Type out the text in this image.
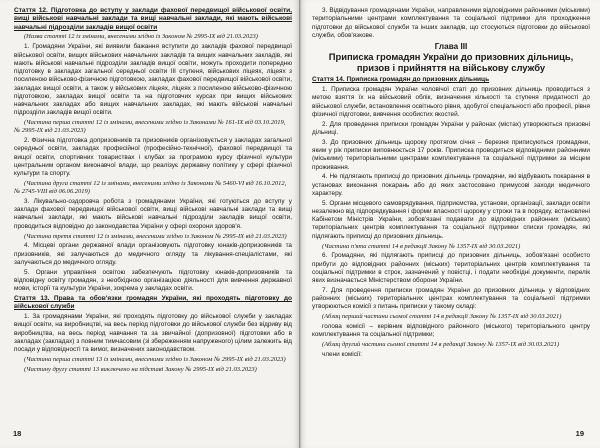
Стаття 12. Підготовка до вступу у заклади фахової передвищої військової освіти, вищі військові навчальні заклади та вищі навчальні заклади, які мають військові навчальні підрозділи закладів вищої освіти
(Назва статті 12 із змінами, внесеними згідно із Законом № 2995-IX від 21.03.2023)
1. Громадяни України, які виявили бажання вступити до закладів фахової передвищої військової освіти, вищих військових навчальних закладів та вищих навчальних закладів, які мають військові навчальні підрозділи закладів вищої освіти, можуть проходити попередню підготовку в закладах загальної середньої освіти III ступеня, військових ліцеях, ліцеях з посиленою військово-фізичною підготовкою, закладах фахової передвищої військової освіти, закладах вищої освіти, а також у військових ліцеях, ліцеях з посиленою військово-фізичною підготовкою, закладах вищої освіти та на підготовчих курсах при вищих військових навчальних закладах або вищих навчальних закладах, які мають військові навчальні підрозділи закладів вищої освіти.
(Частина перша статті 12 із змінами, внесеними згідно із Законами № 161-IX від 03.10.2019, № 2995-IX від 21.03.2023)
2. Фізична підготовка допризовників та призовників організовується у закладах загальної середньої освіти, закладах професійної (професійно-технічної), фахової передвищої та вищої освіти, спортивних товариствах і клубах за програмою курсу фізичної культури центральним органом виконавчої влади, що реалізує державну політику у сфері фізичної культури та спорту.
(Частина друга статті 12 із змінами, внесеними згідно із Законами № 5460-VI від 16.10.2012, № 2745-VIII від 06.06.2019)
3. Лікувально-оздоровча робота з громадянами України, які готуються до вступу у заклади фахової передвищої військової освіти, вищі військові навчальні заклади та вищі навчальні заклади, які мають військові навчальні підрозділи закладів вищої освіти, проводиться відповідно до законодавства України у сфері охорони здоров'я.
(Частина третя статті 12 із змінами, внесеними згідно із Законом № 2995-IX від 21.03.2023)
4. Місцеві органи державної влади організовують підготовку юнаків-допризовників та призовників, які залучаються до медичного огляду та лікування-спеціалістами, які залучаються до медичного огляду.
5. Органи управління освітою забезпечують підготовку юнаків-допризовників та відповідну освіту громадян, з необхідною організацією діяльності для вивчення державної мови, історії та культури України, зокрема у закладах освіти.
Стаття 13. Права та обов'язки громадян України, які проходять підготовку до військової служби
1. За громадянами України, які проходять підготовку до військової служби у закладах вищої освіти, на виробництві, на весь період підготовки до військової служби без відриву від виробництва, на весь період навчання та за звичайної (допризовної) підготовки або в закладах (закладах) з повним тимчасовим (зі збереженням напруженого) цілим залежить від посади у відповідності та вимог, визначених законодавством.
(Частина перша статті 13 із змінами, внесеними згідно із Законом № 2995-IX від 21.03.2023)
(Частину другу статті 13 виключено на підставі Закону № 2995-IX від 21.03.2023)
18
3. Відвідування громадянами України, направленими відповідними районними (міськими) територіальними центрами комплектування та соціальної підтримки для проходження підготовки до військової служби та інших закладів, що стосуються підготовки до військової служби, обов'язкове.
Глава III
Приписка громадян України до призовних дільниць, призов і прийняття на військову службу
Стаття 14. Приписка громадян до призовних дільниць
1. Приписка громадян України чоловічої статі до призовних дільниць проводиться з метою взяття їх на військовий облік, визначення кількості та ступеня придатності до військової служби, встановлення освітнього рівня, здобутої спеціальності або професії, рівня фізичної підготовки, вивчення особистих якостей.
2. Для проведення приписки громадян України у районах (містах) утворюються призовні дільниці.
3. До призовних дільниць щороку протягом січня – березня приписуються громадяни, яким у рік приписки виповнюється 17 років. Приписка проводиться відповідними районними (міськими) територіальними центрами комплектування та соціальної підтримки за місцем проживання.
4. Не підлягають приписці до призовних дільниць громадяни, які відбувають покарання в установах виконання покарань або до яких застосовано примусові заходи медичного характеру.
5. Органи місцевого самоврядування, підприємства, установи, організації, заклади освіти незалежно від підпорядкування і форми власності щороку у строки та в порядку, встановлені Кабінетом Міністрів України, зобов'язані подавати до відповідних районних (міських) територіальних центрів комплектування та соціальної підтримки списки громадян, які підлягають приписці до призовних дільниць.
(Частина п'ята статті 14 в редакції Закону № 1357-IX від 30.03.2021)
6. Громадяни, які підлягають приписці до призовних дільниць, зобов'язані особисто прибути до відповідних районних (міських) територіальних центрів комплектування та соціальної підтримки в строк, зазначений у повістці, і подати необхідні документи, перелік яких визначається Міністерством оборони України.
7. Для проведення приписки громадян України до призовних дільниць у відповідних районних (міських) територіальних центрах комплектування та соціальної підтримки утворюються комісії з питань приписки у такому складі:
(Абзац перший частини сьомої статті 14 в редакції Закону № 1357-IX від 30.03.2021)
голова комісії – керівник відповідного районного (міського) територіального центру комплектування та соціальної підтримки;
(Абзац другий частини сьомої статті 14 в редакції Закону № 1357-IX від 30.03.2021)
члени комісії:
19
